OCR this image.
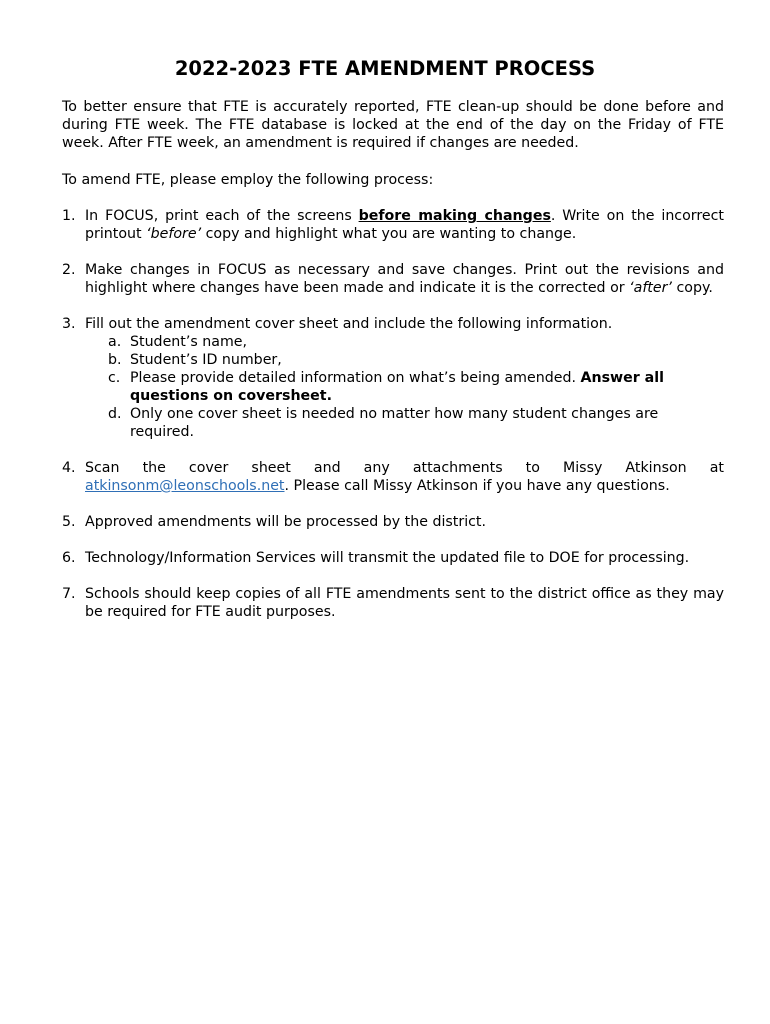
2022-2023 FTE AMENDMENT PROCESS

To better ensure that FTE is accurately reported, FTE clean-up should be done before and during FTE week. The FTE database is locked at the end of the day on the Friday of FTE week. After FTE week, an amendment is required if changes are needed.

To amend FTE, please employ the following process:

1. In FOCUS, print each of the screens before making changes. Write on the incorrect printout ‘before’ copy and highlight what you are wanting to change.
2. Make changes in FOCUS as necessary and save changes. Print out the revisions and highlight where changes have been made and indicate it is the corrected or ‘after’ copy.
3. Fill out the amendment cover sheet and include the following information.
a. Student’s name,
b. Student’s ID number,
c. Please provide detailed information on what’s being amended. Answer all questions on coversheet.
d. Only one cover sheet is needed no matter how many student changes are required.
4. Scan the cover sheet and any attachments to Missy Atkinson at atkinsonm@leonschools.net. Please call Missy Atkinson if you have any questions.
5. Approved amendments will be processed by the district.
6. Technology/Information Services will transmit the updated file to DOE for processing.
7. Schools should keep copies of all FTE amendments sent to the district office as they may be required for FTE audit purposes.
